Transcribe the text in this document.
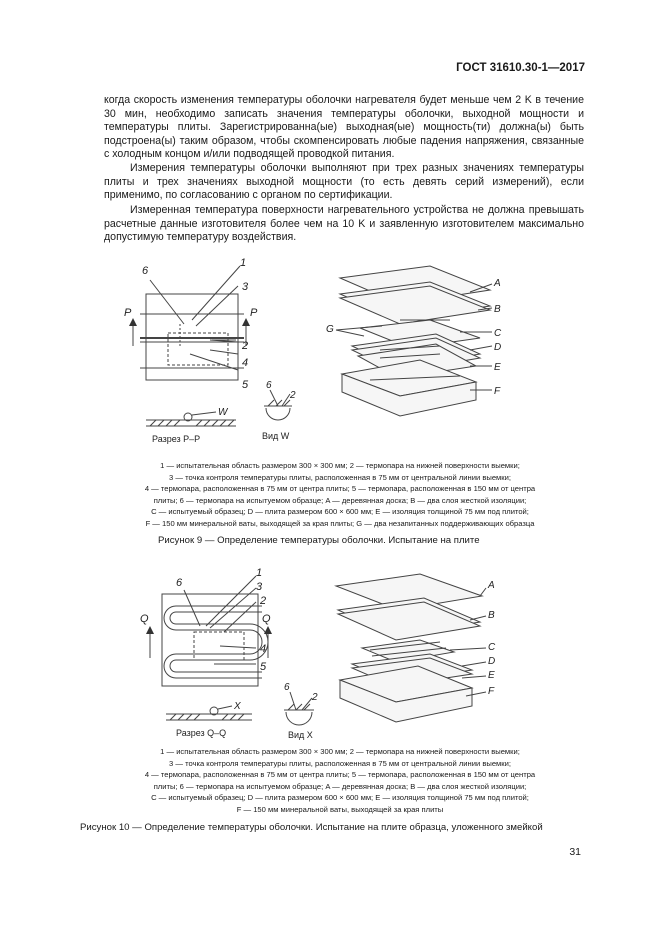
ГОСТ 31610.30-1—2017

когда скорость изменения температуры оболочки нагревателя будет меньше чем 2 K в течение 30 мин, необходимо записать значения температуры оболочки, выходной мощности и температуры плиты. Зарегистрированна(ые) выходная(ые) мощность(ти) должна(ы) быть подстроена(ы) таким образом, чтобы скомпенсировать любые падения напряжения, связанные с холодным концом и/или подводящей проводкой питания.

Измерения температуры оболочки выполняют при трех разных значениях температуры плиты и трех значениях выходной мощности (то есть девять серий измерений), если применимо, по согласованию с органом по сертификации.

Измеренная температура поверхности нагревательного устройства не должна превышать расчетные данные изготовителя более чем на 10 K и заявленную изготовителем максимально допустимую температуру воздействия.

P	P
1
3
2
4
5
6
W
Разрез P–P
6
2
Вид W
A
B
C
D
E
F
G
1 — испытательная область размером 300 × 300 мм; 2 — термопара на нижней поверхности выемки;
3 — точка контроля температуры плиты, расположенная в 75 мм от центральной линии выемки;
4 — термопара, расположенная в 75 мм от центра плиты; 5 — термопара, расположенная в 150 мм от центра
плиты; 6 — термопара на испытуемом образце; A — деревянная доска; B — два слоя жесткой изоляции;
C — испытуемый образец; D — плита размером 600 × 600 мм; E — изоляция толщиной 75 мм под плитой;
F — 150 мм минеральной ваты, выходящей за края плиты; G — два незапитанных поддерживающих образца
Рисунок 9 — Определение температуры оболочки. Испытание на плите
Q	Q
1
3
2
4
5
6
X
Разрез Q–Q
6
2
Вид X
A
B
C
D
E
F
1 — испытательная область размером 300 × 300 мм; 2 — термопара на нижней поверхности выемки;
3 — точка контроля температуры плиты, расположенная в 75 мм от центральной линии выемки;
4 — термопара, расположенная в 75 мм от центра плиты; 5 — термопара, расположенная в 150 мм от центра
плиты; 6 — термопара на испытуемом образце; A — деревянная доска; B — два слоя жесткой изоляции;
C — испытуемый образец; D — плита размером 600 × 600 мм; E — изоляция толщиной 75 мм под плитой;
F — 150 мм минеральной ваты, выходящей за края плиты
Рисунок 10 — Определение температуры оболочки. Испытание на плите образца, уложенного змейкой
31
